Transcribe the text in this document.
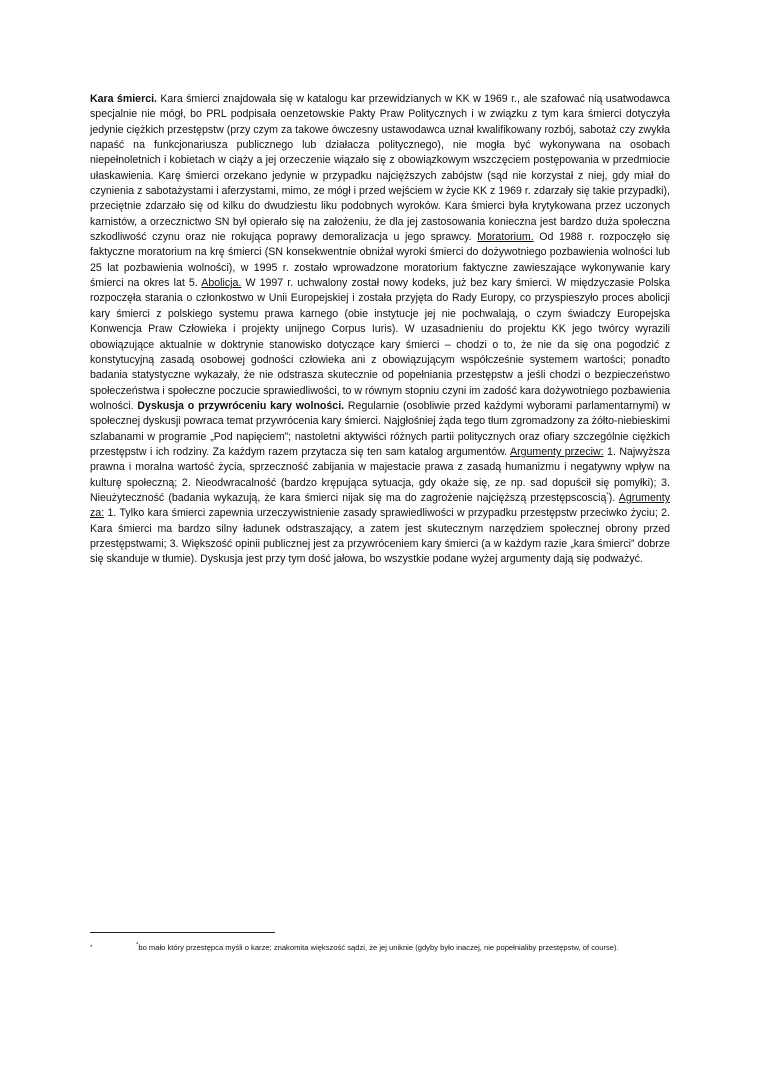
Kara śmierci. Kara śmierci znajdowała się w katalogu kar przewidzianych w KK w 1969 r., ale szafować nią usatwodawca specjalnie nie mógł, bo PRL podpisała oenzetowskie Pakty Praw Politycznych i w związku z tym kara śmierci dotyczyła jedynie ciężkich przestępstw (przy czym za takowe ówczesny ustawodawca uznał kwalifikowany rozbój, sabotaż czy zwykła napaść na funkcjonariusza publicznego lub działacza politycznego), nie mogła być wykonywana na osobach niepełnoletnich i kobietach w ciąży a jej orzeczenie wiązało się z obowiązkowym wszczęciem postępowania w przedmiocie ułaskawienia. Karę śmierci orzekano jedynie w przypadku najcięższych zabójstw (sąd nie korzystał z niej, gdy miał do czynienia z sabotażystami i aferzystami, mimo, ze mógł i przed wejściem w życie KK z 1969 r. zdarzały się takie przypadki), przeciętnie zdarzało się od kilku do dwudziestu liku podobnych wyroków. Kara śmierci była krytykowana przez uczonych karnistów, a orzecznictwo SN był opierało się na założeniu, że dla jej zastosowania konieczna jest bardzo duża społeczna szkodliwość czynu oraz nie rokująca poprawy demoralizacja u jego sprawcy. Moratorium. Od 1988 r. rozpoczęło się faktyczne moratorium na krę śmierci (SN konsekwentnie obniżał wyroki śmierci do dożywotniego pozbawienia wolności lub 25 lat pozbawienia wolności), w 1995 r. zostało wprowadzone moratorium faktyczne zawieszające wykonywanie kary śmierci na okres lat 5. Abolicja. W 1997 r. uchwalony został nowy kodeks, już bez kary śmierci. W międzyczasie Polska rozpoczęła starania o członkostwo w Unii Europejskiej i została przyjęta do Rady Europy, co przyspieszyło proces abolicji kary śmierci z polskiego systemu prawa karnego (obie instytucje jej nie pochwalają, o czym świadczy Europejska Konwencja Praw Człowieka i projekty unijnego Corpus Iuris). W uzasadnieniu do projektu KK jego twórcy wyrazili obowiązujące aktualnie w doktrynie stanowisko dotyczące kary śmierci – chodzi o to, że nie da się ona pogodzić z konstytucyjną zasadą osobowej godności człowieka ani z obowiązującym współcześnie systemem wartości; ponadto badania statystyczne wykazały, że nie odstrasza skutecznie od popełniania przestępstw a jeśli chodzi o bezpieczeństwo społeczeństwa i społeczne poczucie sprawiedliwości, to w równym stopniu czyni im zadość kara dożywotniego pozbawienia wolności. Dyskusja o przywróceniu kary wolności. Regularnie (osobliwie przed każdymi wyborami parlamentarnymi) w społecznej dyskusji powraca temat przywrócenia kary śmierci. Najgłośniej żąda tego tłum zgromadzony za żółto-niebieskimi szlabanami w programie „Pod napięciem”; nastoletni aktywiści różnych partii politycznych oraz ofiary szczególnie ciężkich przestępstw i ich rodziny. Za każdym razem przytacza się ten sam katalog argumentów. Argumenty przeciw: 1. Najwyższa prawna i moralna wartość życia, sprzeczność zabijania w majestacie prawa z zasadą humanizmu i negatywny wpływ na kulturę społeczną; 2. Nieodwracalność (bardzo krępująca sytuacja, gdy okaże się, ze np. sad dopuścił się pomyłki); 3. Nieużyteczność (badania wykazują, że kara śmierci nijak się ma do zagrożenie najcięższą przestępscoscią*). Agrumenty za: 1. Tylko kara śmierci zapewnia urzeczywistnienie zasady sprawiedliwości w przypadku przestępstw przeciwko życiu; 2. Kara śmierci ma bardzo silny ładunek odstraszający, a zatem jest skutecznym narzędziem społecznej obrony przed przestępstwami; 3. Większość opinii publicznej jest za przywróceniem kary śmierci (a w każdym razie „kara śmierci” dobrze się skanduje w tłumie). Dyskusja jest przy tym dość jałowa, bo wszystkie podane wyżej argumenty dają się podważyć.

*	*bo mało który przestępca myśli o karze; znakomita większość sądzi, że jej uniknie (gdyby było inaczej, nie popełnialiby przestępstw, of course).
